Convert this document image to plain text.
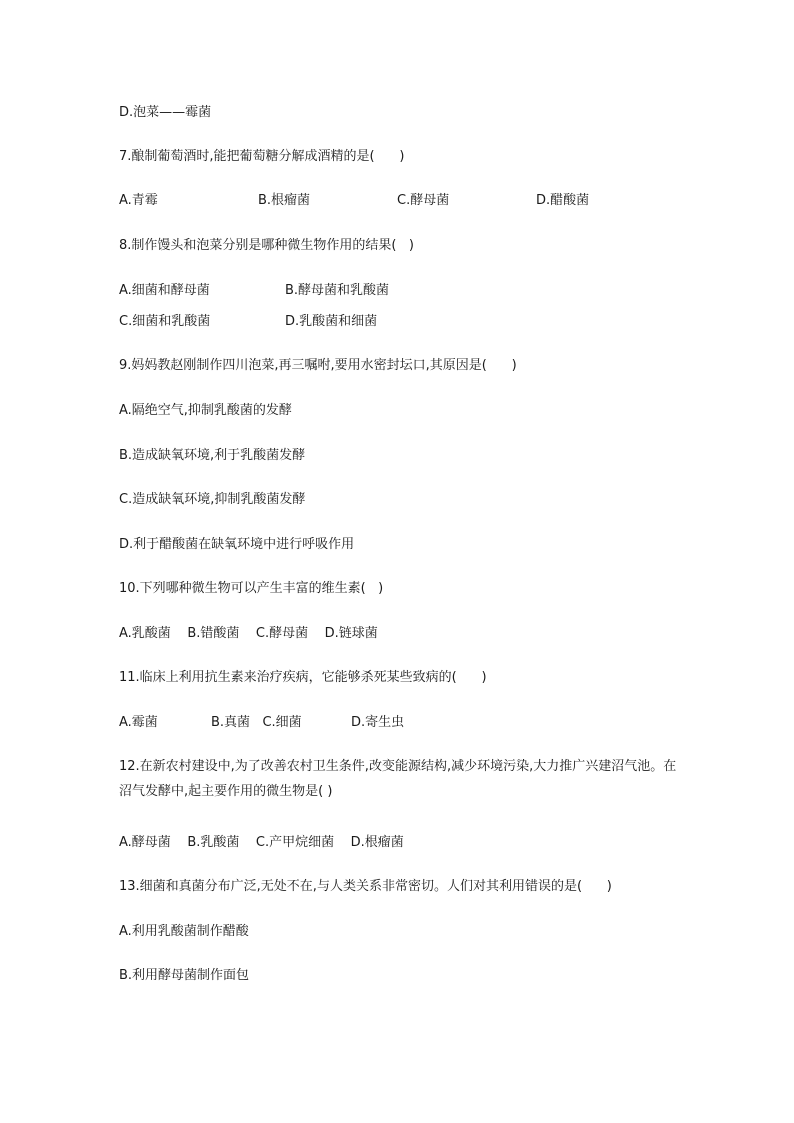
D.泡菜——霉菌
7.酿制葡萄酒时,能把葡萄糖分解成酒精的是(      )
A.青霉	B.根瘤菌	C.酵母菌	D.醋酸菌
8.制作馒头和泡菜分别是哪种微生物作用的结果(   )
A.细菌和酵母菌	B.酵母菌和乳酸菌
C.细菌和乳酸菌	D.乳酸菌和细菌
9.妈妈教赵刚制作四川泡菜,再三嘱咐,要用水密封坛口,其原因是(      )
A.隔绝空气,抑制乳酸菌的发酵
B.造成缺氧环境,利于乳酸菌发酵
C.造成缺氧环境,抑制乳酸菌发酵
D.利于醋酸菌在缺氧环境中进行呼吸作用
10.下列哪种微生物可以产生丰富的维生素(   )
A.乳酸菌    B.错酸菌    C.酵母菌    D.链球菌
11.临床上利用抗生素来治疗疾病，它能够杀死某些致病的(      )
A.霉菌	B.真菌   C.细菌	D.寄生虫
12.在新农村建设中,为了改善农村卫生条件,改变能源结构,减少环境污染,大力推广兴建沼气池。在沼气发酵中,起主要作用的微生物是( )
A.酵母菌    B.乳酸菌    C.产甲烷细菌    D.根瘤菌
13.细菌和真菌分布广泛,无处不在,与人类关系非常密切。人们对其利用错误的是(      )
A.利用乳酸菌制作醋酸
B.利用酵母菌制作面包
